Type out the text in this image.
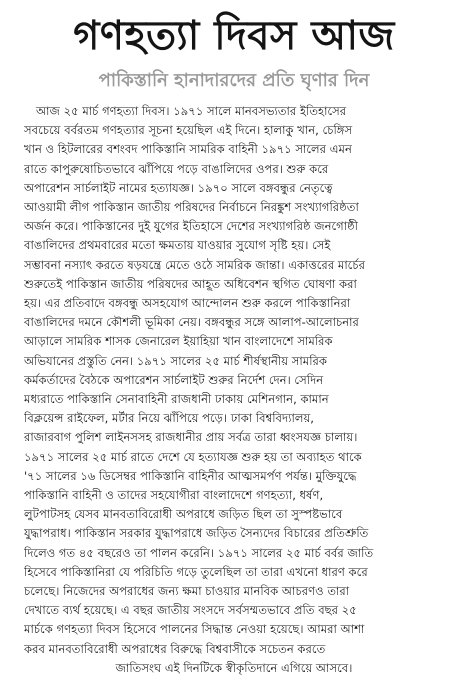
গণহত্যা দিবস আজ
পাকিস্তানি হানাদারদের প্রতি ঘৃণার দিন
আজ ২৫ মার্চ গণহত্যা দিবস। ১৯৭১ সালে মানবসভ্যতার ইতিহাসের
সবচেয়ে বর্বরতম গণহত্যার সূচনা হয়েছিল এই দিনে। হালাকু খান, চেঙ্গিস
খান ও হিটলারের বশংবদ পাকিস্তানি সামরিক বাহিনী ১৯৭১ সালের এমন
রাতে কাপুরুষোচিতভাবে ঝাঁপিয়ে পড়ে বাঙালিদের ওপর। শুরু করে
অপারেশন সার্চলাইট নামের হত্যাযজ্ঞ। ১৯৭০ সালে বঙ্গবন্ধুর নেতৃত্বে
আওয়ামী লীগ পাকিস্তান জাতীয় পরিষদের নির্বাচনে নিরঙ্কুশ সংখ্যাগরিষ্ঠতা
অর্জন করে। পাকিস্তানের দুই যুগের ইতিহাসে দেশের সংখ্যাগরিষ্ঠ জনগোষ্ঠী
বাঙালিদের প্রথমবারের মতো ক্ষমতায় যাওয়ার সুযোগ সৃষ্টি হয়। সেই
সম্ভাবনা নস্যাৎ করতে ষড়যন্ত্রে মেতে ওঠে সামরিক জান্তা। একাত্তরের মার্চের
শুরুতেই পাকিস্তান জাতীয় পরিষদের আহূত অধিবেশন স্থগিত ঘোষণা করা
হয়। এর প্রতিবাদে বঙ্গবন্ধু অসহযোগ আন্দোলন শুরু করলে পাকিস্তানিরা
বাঙালিদের দমনে কৌশলী ভূমিকা নেয়। বঙ্গবন্ধুর সঙ্গে আলাপ-আলোচনার
আড়ালে সামরিক শাসক জেনারেল ইয়াহিয়া খান বাংলাদেশে সামরিক
অভিযানের প্রস্তুতি নেন। ১৯৭১ সালের ২৫ মার্চ শীর্ষস্থানীয় সামরিক
কর্মকর্তাদের বৈঠকে অপারেশন সার্চলাইট শুরুর নির্দেশ দেন। সেদিন
মধ্যরাতে পাকিস্তানি সেনাবাহিনী রাজধানী ঢাকায় মেশিনগান, কামান
বিক্লয়েন্স রাইফেল, মর্টার নিয়ে ঝাঁপিয়ে পড়ে। ঢাকা বিশ্ববিদ্যালয়,
রাজারবাগ পুলিশ লাইনসসহ রাজধানীর প্রায় সর্বত্র তারা ধ্বংসযজ্ঞ চালায়।
১৯৭১ সালের ২৫ মার্চ রাতে দেশে যে হত্যাযজ্ঞ শুরু হয় তা অব্যাহত থাকে
'৭১ সালের ১৬ ডিসেম্বর পাকিস্তানি বাহিনীর আত্মসমর্পণ পর্যন্ত। মুক্তিযুদ্ধে
পাকিস্তানি বাহিনী ও তাদের সহযোগীরা বাংলাদেশে গণহত্যা, ধর্ষণ,
লুটপাটসহ যেসব মানবতাবিরোধী অপরাধে জড়িত ছিল তা সুস্পষ্টভাবে
যুদ্ধাপরাধ। পাকিস্তান সরকার যুদ্ধাপরাধে জড়িত সৈন্যদের বিচারের প্রতিশ্রুতি
দিলেও গত ৪৫ বছরেও তা পালন করেনি। ১৯৭১ সালের ২৫ মার্চ বর্বর জাতি
হিসেবে পাকিস্তানিরা যে পরিচিতি গড়ে তুলেছিল তা তারা এখনো ধারণ করে
চলেছে। নিজেদের অপরাধের জন্য ক্ষমা চাওয়ার মানবিক আচরণও তারা
দেখাতে ব্যর্থ হয়েছে। এ বছর জাতীয় সংসদে সর্বসম্মতভাবে প্রতি বছর ২৫
মার্চকে গণহত্যা দিবস হিসেবে পালনের সিদ্ধান্ত নেওয়া হয়েছে। আমরা আশা
করব মানবতাবিরোধী অপরাধের বিরুদ্ধে বিশ্ববাসীকে সচেতন করতে
জাতিসংঘ এই দিনটিকে স্বীকৃতিদানে এগিয়ে আসবে।
